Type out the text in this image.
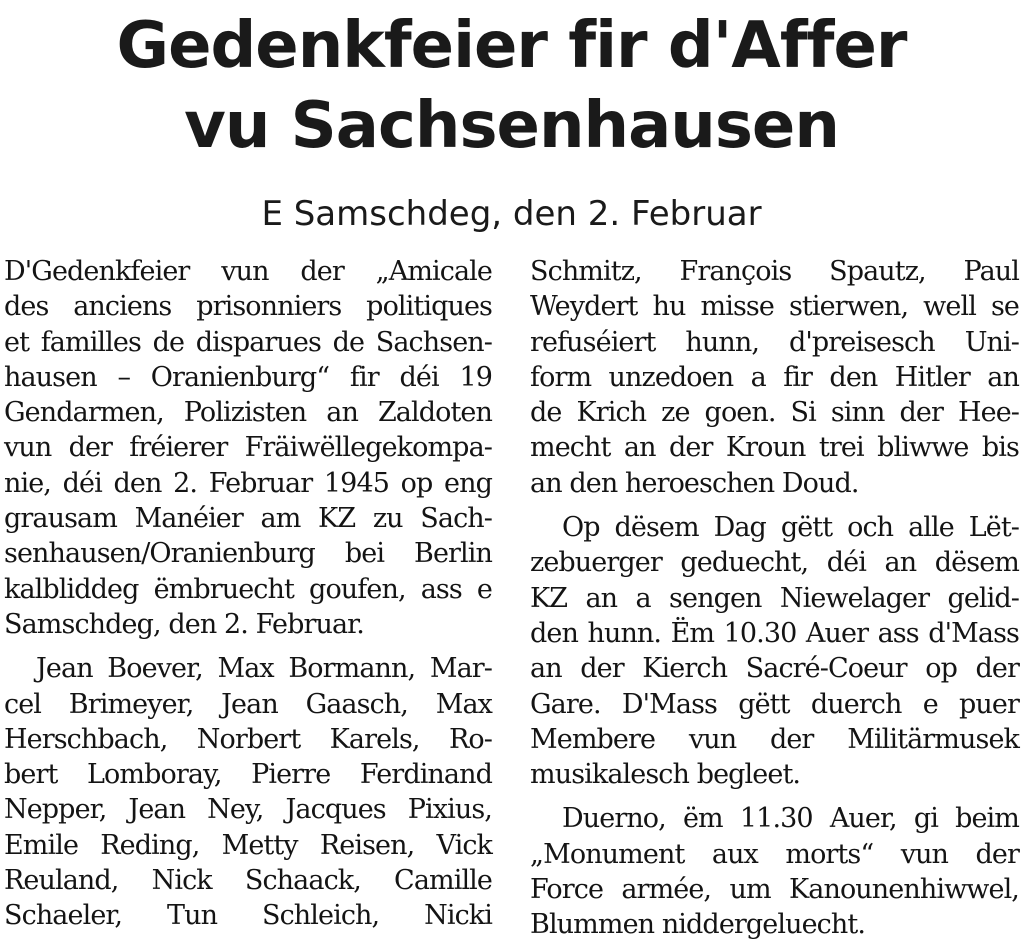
Gedenkfeier fir d'Affer
vu Sachsenhausen
E Samschdeg, den 2. Februar
D'Gedenkfeier vun der „Amicale
des anciens prisonniers politiques
et familles de disparues de Sachsen-
hausen – Oranienburg“ fir déi 19
Gendarmen, Polizisten an Zaldoten
vun der fréierer Fräiwëllegekompa-
nie, déi den 2. Februar 1945 op eng
grausam Manéier am KZ zu Sach-
senhausen/Oranienburg bei Berlin
kalbliddeg ëmbruecht goufen, ass e
Samschdeg, den 2. Februar.
Jean Boever, Max Bormann, Mar-
cel Brimeyer, Jean Gaasch, Max
Herschbach, Norbert Karels, Ro-
bert Lomboray, Pierre Ferdinand
Nepper, Jean Ney, Jacques Pixius,
Emile Reding, Metty Reisen, Vick
Reuland, Nick Schaack, Camille
Schaeler, Tun Schleich, Nicki
Schmitz, François Spautz, Paul
Weydert hu misse stierwen, well se
refuséiert hunn, d'preisesch Uni-
form unzedoen a fir den Hitler an
de Krich ze goen. Si sinn der Hee-
mecht an der Kroun trei bliwwe bis
an den heroeschen Doud.
Op dësem Dag gëtt och alle Lët-
zebuerger geduecht, déi an dësem
KZ an a sengen Niewelager gelid-
den hunn. Ëm 10.30 Auer ass d'Mass
an der Kierch Sacré-Coeur op der
Gare. D'Mass gëtt duerch e puer
Membere vun der Militärmusek
musikalesch begleet.
Duerno, ëm 11.30 Auer, gi beim
„Monument aux morts“ vun der
Force armée, um Kanounenhiwwel,
Blummen niddergeluecht.
